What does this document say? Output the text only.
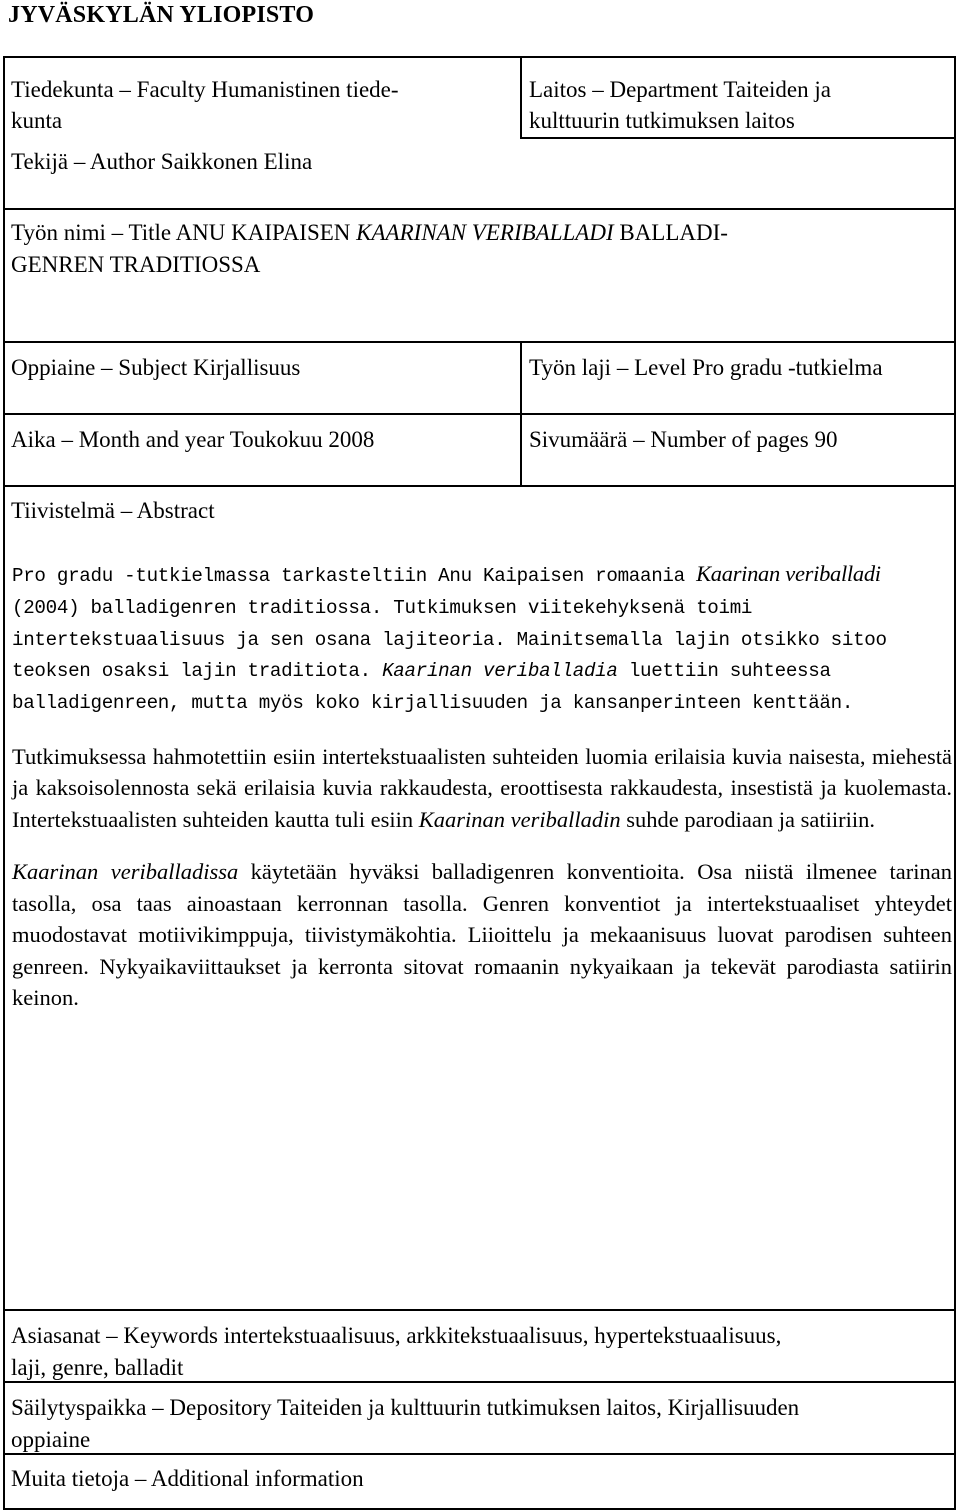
JYVÄSKYLÄN YLIOPISTO
Tiedekunta – Faculty Humanistinen tiede-
kunta
Laitos – Department Taiteiden ja
kulttuurin tutkimuksen laitos
Tekijä – Author Saikkonen Elina
Työn nimi – Title ANU KAIPAISEN KAARINAN VERIBALLADI BALLADI-
GENREN TRADITIOSSA
Oppiaine – Subject Kirjallisuus	Työn laji – Level Pro gradu -tutkielma
Aika – Month and year Toukokuu 2008	Sivumäärä – Number of pages 90
Tiivistelmä – Abstract

Pro gradu -tutkielmassa tarkasteltiin Anu Kaipaisen romaania Kaarinan veriballadi (2004) balladigenren traditiossa. Tutkimuksen viitekehyksenä toimi intertekstuaalisuus ja sen osana lajiteoria. Mainitsemalla lajin otsikko sitoo teoksen osaksi lajin traditiota. Kaarinan veriballadia luettiin suhteessa balladigenreen, mutta myös koko kirjallisuuden ja kansanperinteen kenttään.

Tutkimuksessa hahmotettiin esiin intertekstuaalisten suhteiden luomia erilaisia kuvia naisesta, miehestä ja kaksoisolennosta sekä erilaisia kuvia rakkaudesta, eroottisesta rakkaudesta, insestistä ja kuolemasta. Intertekstuaalisten suhteiden kautta tuli esiin Kaarinan veriballadin suhde parodiaan ja satiiriin.

Kaarinan veriballadissa käytetään hyväksi balladigenren konventioita. Osa niistä ilmenee tarinan tasolla, osa taas ainoastaan kerronnan tasolla. Genren konventiot ja intertekstuaaliset yhteydet muodostavat motiivikimppuja, tiivistymäkohtia. Liioittelu ja mekaanisuus luovat parodisen suhteen genreen. Nykyaikaviittaukset ja kerronta sitovat romaanin nykyaikaan ja tekevät parodiasta satiirin keinon.

Asiasanat – Keywords intertekstuaalisuus, arkkitekstuaalisuus, hypertekstuaalisuus,
laji, genre, balladit
Säilytyspaikka – Depository Taiteiden ja kulttuurin tutkimuksen laitos, Kirjallisuuden
oppiaine
Muita tietoja – Additional information
